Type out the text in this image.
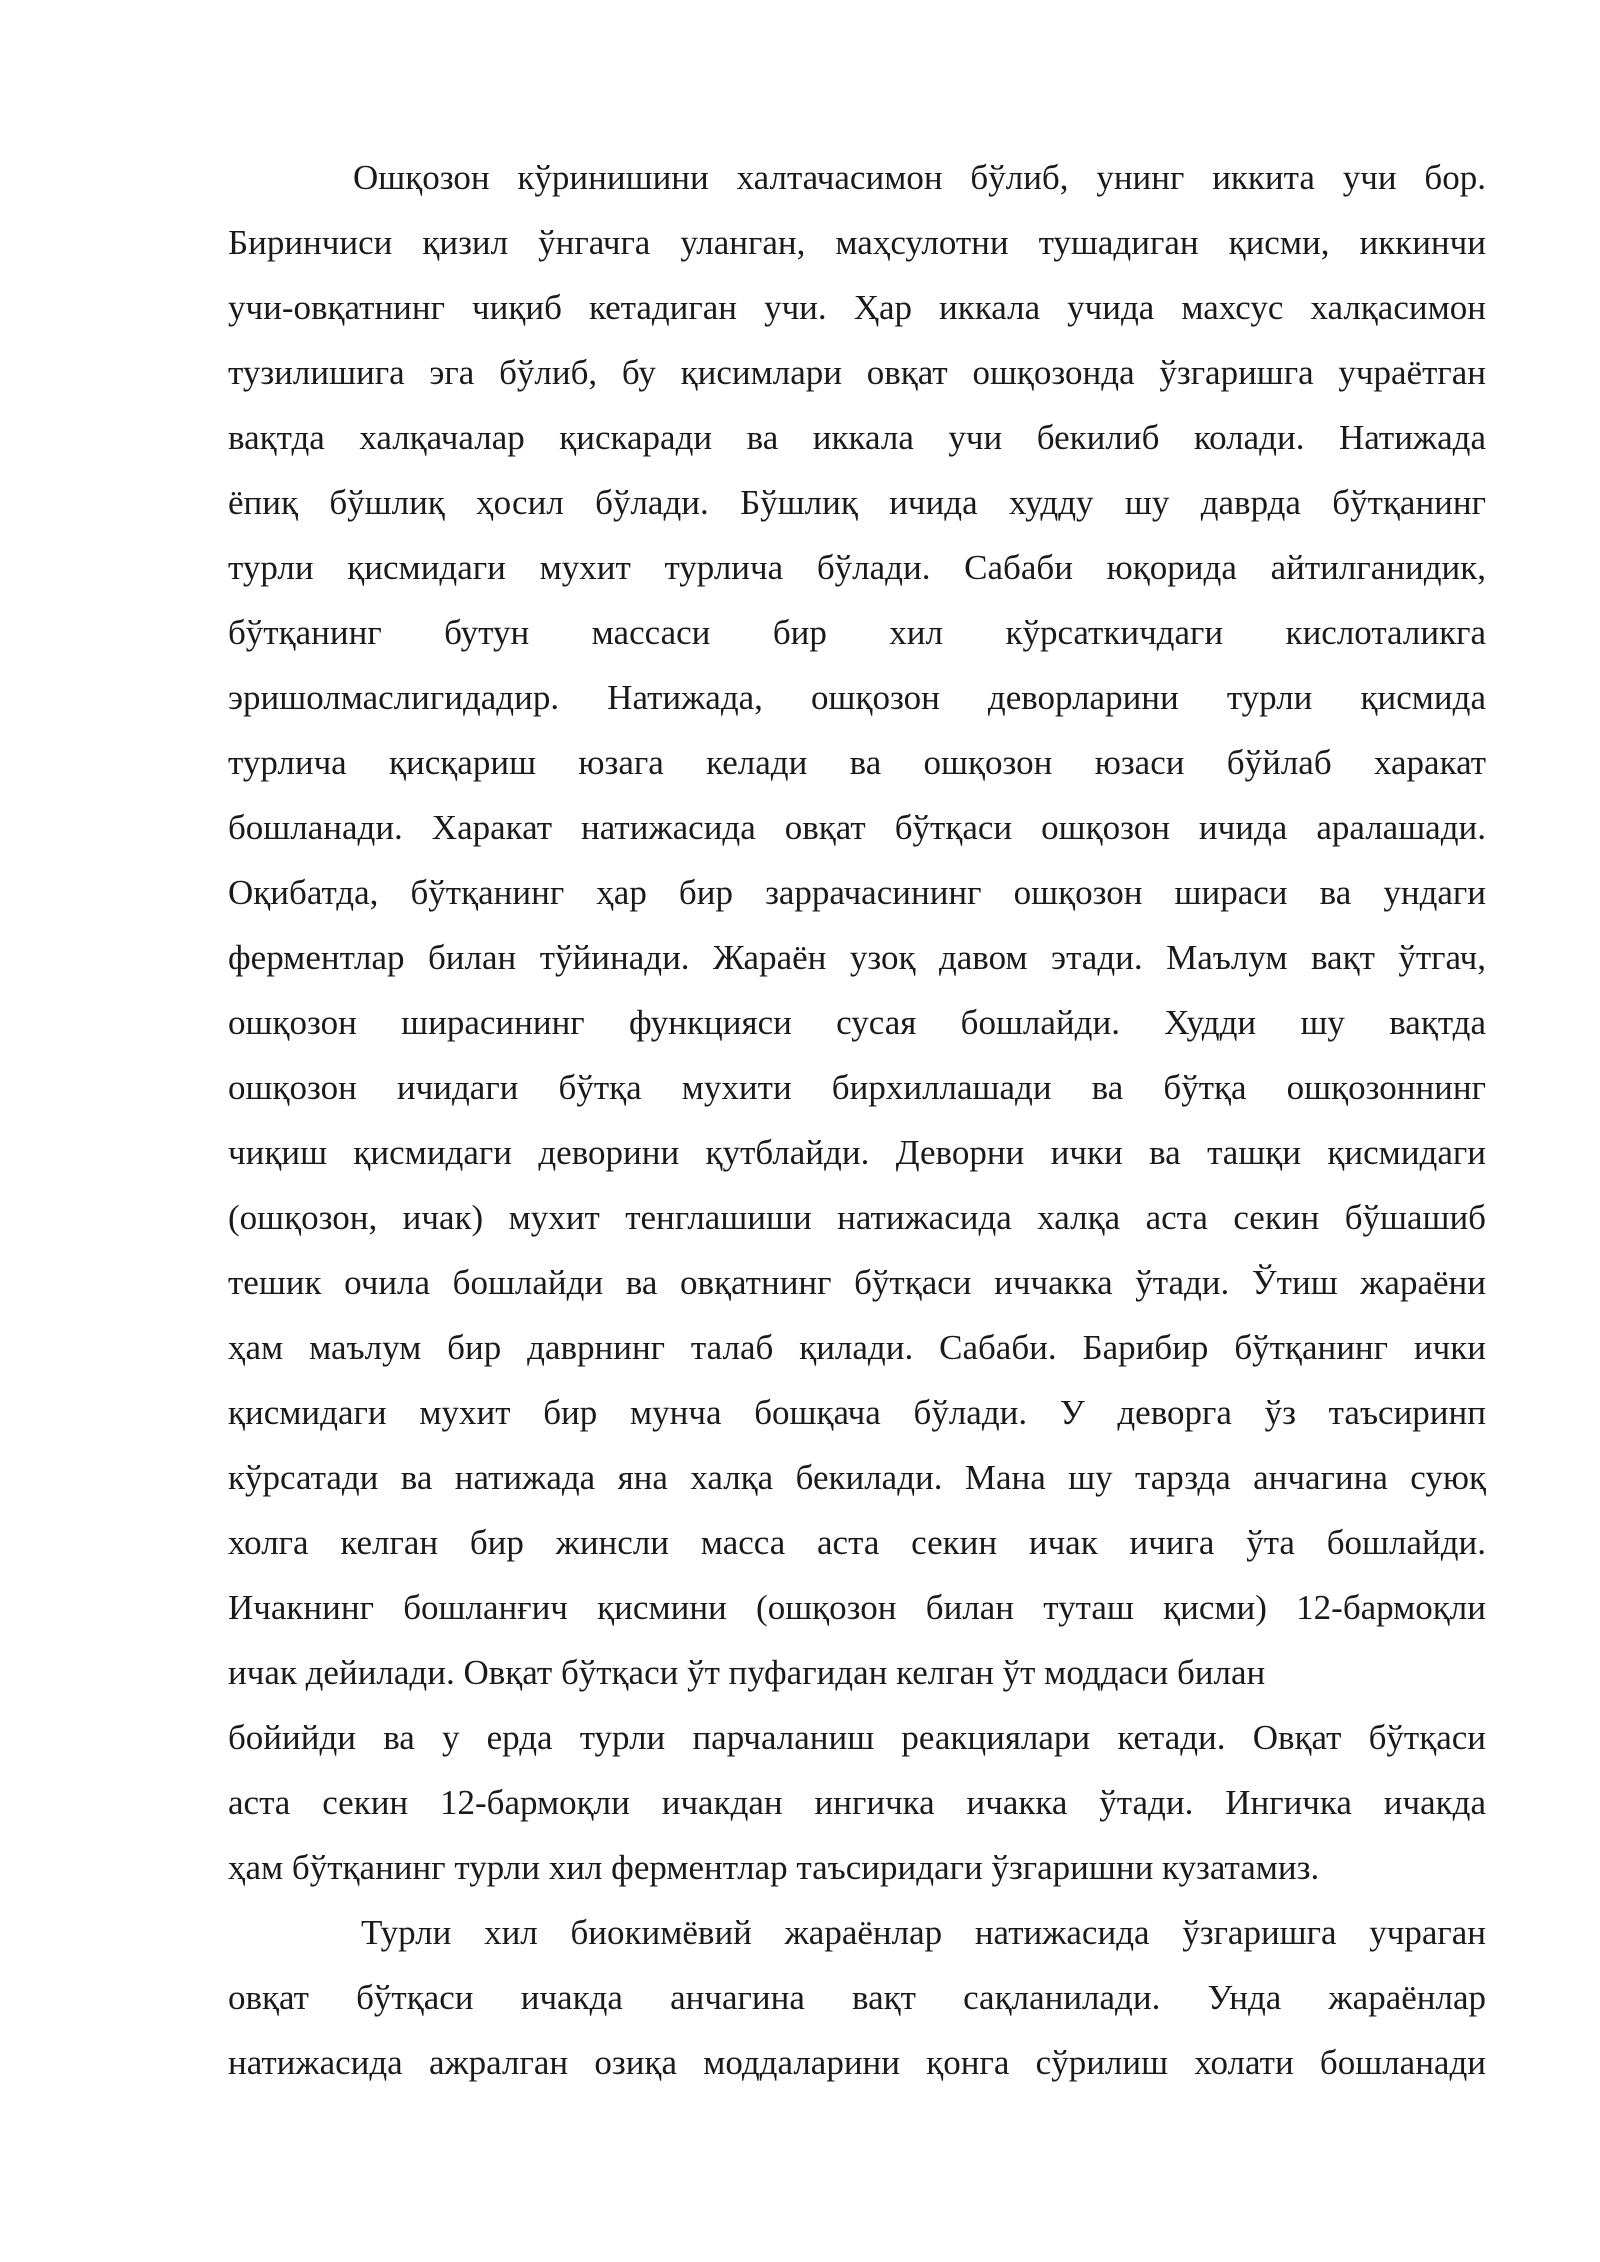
Ошқозон кўринишини халтачасимон бўлиб, унинг иккита учи бор.
Биринчиси қизил ўнгачга уланган, маҳсулотни тушадиган қисми, иккинчи
учи-овқатнинг чиқиб кетадиган учи. Ҳар иккала учида махсус халқасимон
тузилишига эга бўлиб, бу қисимлари овқат ошқозонда ўзгаришга учраётган
вақтда халқачалар қискаради ва иккала учи бекилиб колади. Натижада
ёпиқ бўшлиқ ҳосил бўлади. Бўшлиқ ичида худду шу даврда бўтқанинг
турли қисмидаги мухит турлича бўлади. Сабаби юқорида айтилганидик,
бўтқанинг бутун массаси бир хил кўрсаткичдаги кислоталикга
эришолмаслигидадир. Натижада, ошқозон деворларини турли қисмида
турлича қисқариш юзага келади ва ошқозон юзаси бўйлаб харакат
бошланади. Харакат натижасида овқат бўтқаси ошқозон ичида аралашади.
Оқибатда, бўтқанинг ҳар бир заррачасининг ошқозон шираси ва ундаги
ферментлар билан тўйинади. Жараён узоқ давом этади. Маълум вақт ўтгач,
ошқозон ширасининг функцияси сусая бошлайди. Худди шу вақтда
ошқозон ичидаги бўтқа мухити бирхиллашади ва бўтқа ошқозоннинг
чиқиш қисмидаги деворини қутблайди. Деворни ички ва ташқи қисмидаги
(ошқозон, ичак) мухит тенглашиши натижасида халқа аста секин бўшашиб
тешик очила бошлайди ва овқатнинг бўтқаси иччакка ўтади. Ўтиш жараёни
ҳам маълум бир даврнинг талаб қилади. Сабаби. Барибир бўтқанинг ички
қисмидаги мухит бир мунча бошқача бўлади. У деворга ўз таъсиринп
кўрсатади ва натижада яна халқа бекилади. Мана шу тарзда анчагина суюқ
холга келган бир жинсли масса аста секин ичак ичига ўта бошлайди.
Ичакнинг бошланғич қисмини (ошқозон билан туташ қисми) 12-бармоқли
ичак дейилади. Овқат бўтқаси ўт пуфагидан келган ўт моддаси билан
бойийди ва у ерда турли парчаланиш реакциялари кетади. Овқат бўтқаси
аста секин 12-бармоқли ичакдан ингичка ичакка ўтади. Ингичка ичакда
ҳам бўтқанинг турли хил ферментлар таъсиридаги ўзгаришни кузатамиз.
Турли хил биокимёвий жараёнлар натижасида ўзгаришга учраган
овқат бўтқаси ичакда анчагина вақт сақланилади. Унда жараёнлар
натижасида ажралган озиқа моддаларини қонга сўрилиш холати бошланади
